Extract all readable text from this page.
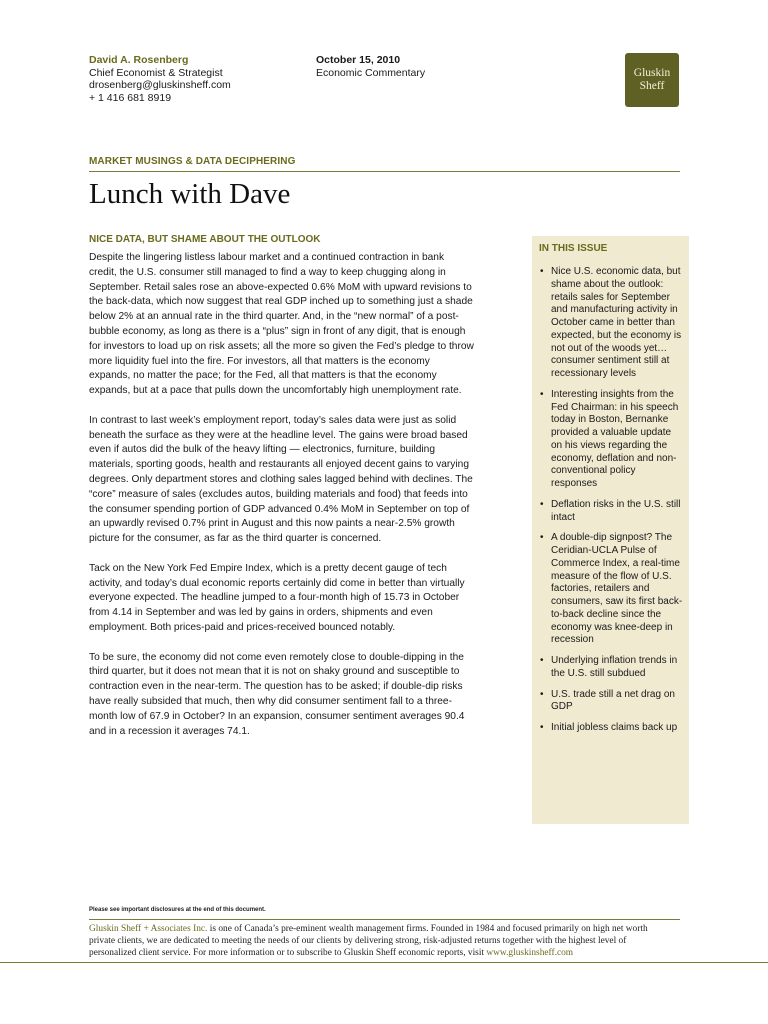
David A. Rosenberg
Chief Economist & Strategist
drosenberg@gluskinsheff.com
+ 1 416 681 8919
October 15, 2010
Economic Commentary	Gluskin
Sheff
MARKET MUSINGS & DATA DECIPHERING
Lunch with Dave
NICE DATA, BUT SHAME ABOUT THE OUTLOOK

Despite the lingering listless labour market and a continued contraction in bank credit, the U.S. consumer still managed to find a way to keep chugging along in September. Retail sales rose an above-expected 0.6% MoM with upward revisions to the back-data, which now suggest that real GDP inched up to something just a shade below 2% at an annual rate in the third quarter. And, in the “new normal” of a post-bubble economy, as long as there is a “plus” sign in front of any digit, that is enough for investors to load up on risk assets; all the more so given the Fed’s pledge to throw more liquidity fuel into the fire. For investors, all that matters is the economy expands, no matter the pace; for the Fed, all that matters is that the economy expands, but at a pace that pulls down the uncomfortably high unemployment rate.

In contrast to last week’s employment report, today’s sales data were just as solid beneath the surface as they were at the headline level. The gains were broad based even if autos did the bulk of the heavy lifting — electronics, furniture, building materials, sporting goods, health and restaurants all enjoyed decent gains to varying degrees. Only department stores and clothing sales lagged behind with declines. The “core” measure of sales (excludes autos, building materials and food) that feeds into the consumer spending portion of GDP advanced 0.4% MoM in September on top of an upwardly revised 0.7% print in August and this now paints a near-2.5% growth picture for the consumer, as far as the third quarter is concerned.

Tack on the New York Fed Empire Index, which is a pretty decent gauge of tech activity, and today’s dual economic reports certainly did come in better than virtually everyone expected. The headline jumped to a four-month high of 15.73 in October from 4.14 in September and was led by gains in orders, shipments and even employment. Both prices-paid and prices-received bounced notably.

To be sure, the economy did not come even remotely close to double-dipping in the third quarter, but it does not mean that it is not on shaky ground and susceptible to contraction even in the near-term. The question has to be asked; if double-dip risks have really subsided that much, then why did consumer sentiment fall to a three-month low of 67.9 in October? In an expansion, consumer sentiment averages 90.4 and in a recession it averages 74.1.

IN THIS ISSUE
• Nice U.S. economic data, but shame about the outlook: retails sales for September and manufacturing activity in October came in better than expected, but the economy is not out of the woods yet… consumer sentiment still at recessionary levels
• Interesting insights from the Fed Chairman: in his speech today in Boston, Bernanke provided a valuable update on his views regarding the economy, deflation and non-conventional policy responses
• Deflation risks in the U.S. still intact
• A double-dip signpost? The Ceridian-UCLA Pulse of Commerce Index, a real-time measure of the flow of U.S. factories, retailers and consumers, saw its first back-to-back decline since the economy was knee-deep in recession
• Underlying inflation trends in the U.S. still subdued
• U.S. trade still a net drag on GDP
• Initial jobless claims back up
Please see important disclosures at the end of this document.
Gluskin Sheff + Associates Inc. is one of Canada’s pre-eminent wealth management firms. Founded in 1984 and focused primarily on high net worth private clients, we are dedicated to meeting the needs of our clients by delivering strong, risk-adjusted returns together with the highest level of personalized client service. For more information or to subscribe to Gluskin Sheff economic reports, visit www.gluskinsheff.com
